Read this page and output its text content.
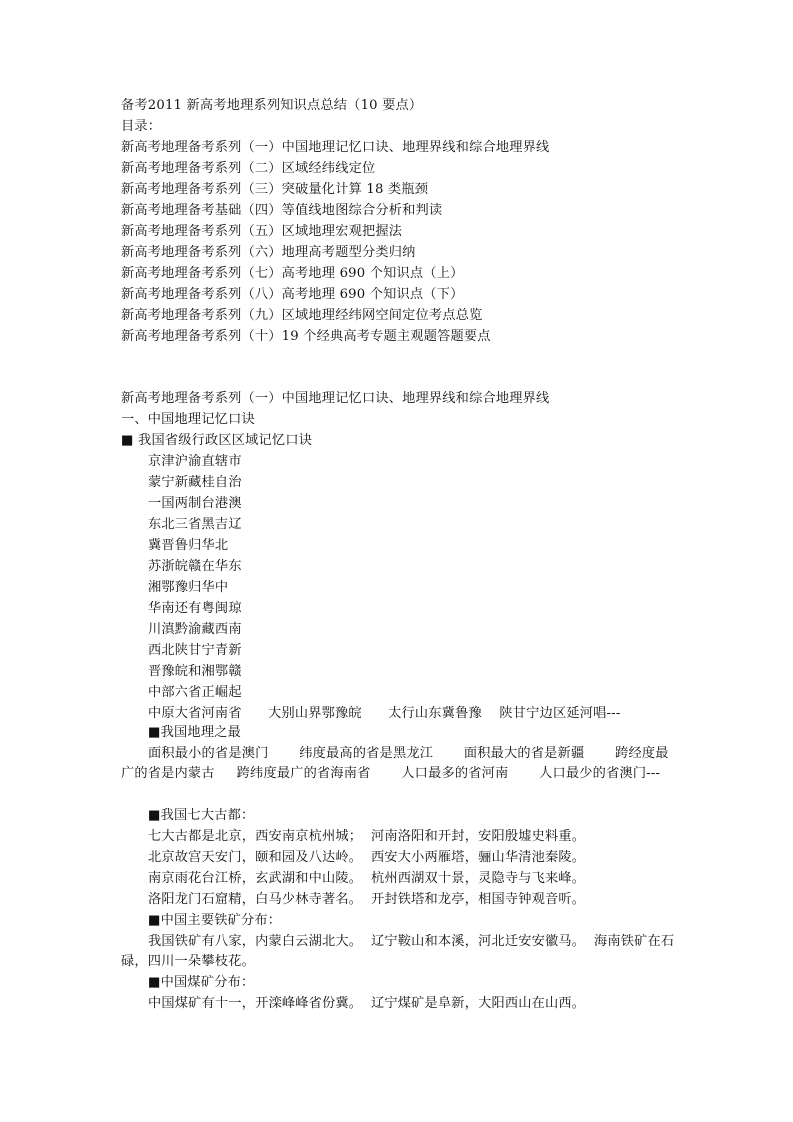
备考2011 新高考地理系列知识点总结（10 要点）
目录：
新高考地理备考系列（一）中国地理记忆口诀、地理界线和综合地理界线
新高考地理备考系列（二）区域经纬线定位
新高考地理备考系列（三）突破量化计算 18 类瓶颈
新高考地理备考基础（四）等值线地图综合分析和判读
新高考地理备考系列（五）区域地理宏观把握法
新高考地理备考系列（六）地理高考题型分类归纳
新高考地理备考系列（七）高考地理 690 个知识点（上）
新高考地理备考系列（八）高考地理 690 个知识点（下）
新高考地理备考系列（九）区域地理经纬网空间定位考点总览
新高考地理备考系列（十）19 个经典高考专题主观题答题要点
新高考地理备考系列（一）中国地理记忆口诀、地理界线和综合地理界线
一、中国地理记忆口诀
■ 我国省级行政区区域记忆口诀
京津沪渝直辖市
蒙宁新藏桂自治
一国两制台港澳
东北三省黑吉辽
冀晋鲁归华北
苏浙皖赣在华东
湘鄂豫归华中
华南还有粤闽琼
川滇黔渝藏西南
西北陕甘宁青新
晋豫皖和湘鄂赣
中部六省正崛起
中原大省河南省      大别山界鄂豫皖      太行山东冀鲁豫    陕甘宁边区延河唱---
■我国地理之最
面积最小的省是澳门       纬度最高的省是黑龙江       面积最大的省是新疆       跨经度最广的省是内蒙古     跨纬度最广的省海南省       人口最多的省河南       人口最少的省澳门---
■我国七大古都：
七大古都是北京，西安南京杭州城；  河南洛阳和开封，安阳殷墟史料重。
北京故宫天安门，颐和园及八达岭。  西安大小两雁塔，骊山华清池秦陵。
南京雨花台江桥，玄武湖和中山陵。  杭州西湖双十景，灵隐寺与飞来峰。
洛阳龙门石窟精，白马少林寺著名。  开封铁塔和龙亭，相国寺钟观音听。
■中国主要铁矿分布：
我国铁矿有八家，内蒙白云湖北大。  辽宁鞍山和本溪，河北迁安安徽马。  海南铁矿在石碌，四川一朵攀枝花。
■中国煤矿分布：
中国煤矿有十一，开滦峰峰省份冀。  辽宁煤矿是阜新，大阳西山在山西。
